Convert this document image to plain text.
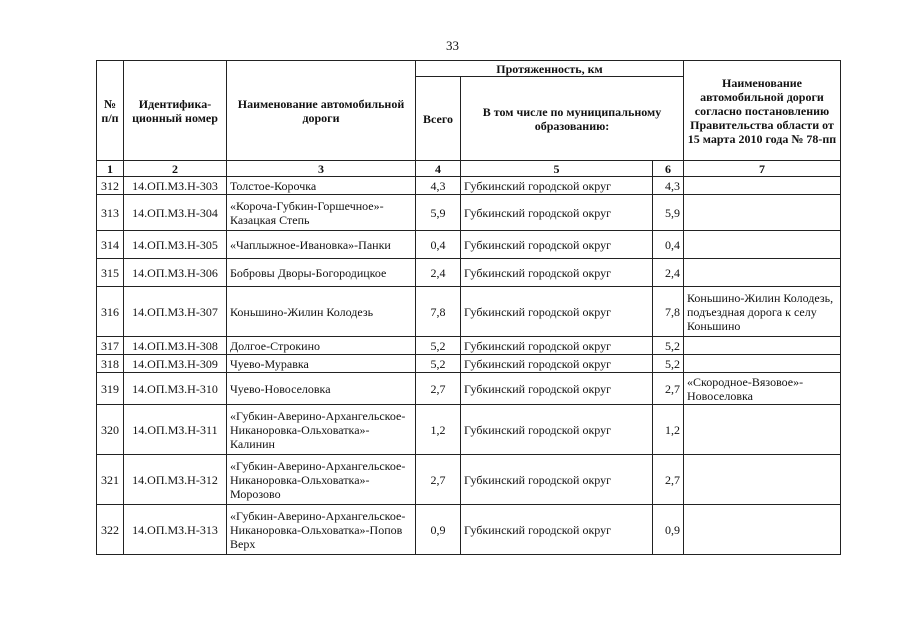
33
№ п/п	Идентифика- ционный номер	Наименование автомобильной дороги	Протяженность, км			Наименование автомобильной дороги согласно постановлению Правительства области от 15 марта 2010 года № 78-пп
			Всего	В том числе по муниципальному образованию:		
1	2	3	4	5	6	7
312	14.ОП.МЗ.Н-303	Толстое-Корочка	4,3	Губкинский городской округ	4,3	
313	14.ОП.МЗ.Н-304	«Короча-Губкин-Горшечное»-Казацкая Степь	5,9	Губкинский городской округ	5,9	
314	14.ОП.МЗ.Н-305	«Чаплыжное-Ивановка»-Панки	0,4	Губкинский городской округ	0,4	
315	14.ОП.МЗ.Н-306	Бобровы Дворы-Богородицкое	2,4	Губкинский городской округ	2,4	
316	14.ОП.МЗ.Н-307	Коньшино-Жилин Колодезь	7,8	Губкинский городской округ	7,8	Коньшино-Жилин Колодезь, подъездная дорога к селу Коньшино
317	14.ОП.МЗ.Н-308	Долгое-Строкино	5,2	Губкинский городской округ	5,2	
318	14.ОП.МЗ.Н-309	Чуево-Муравка	5,2	Губкинский городской округ	5,2	
319	14.ОП.МЗ.Н-310	Чуево-Новоселовка	2,7	Губкинский городской округ	2,7	«Скородное-Вязовое»-Новоселовка
320	14.ОП.МЗ.Н-311	«Губкин-Аверино-Архангельское-Никаноровка-Ольховатка»-Калинин	1,2	Губкинский городской округ	1,2	
321	14.ОП.МЗ.Н-312	«Губкин-Аверино-Архангельское-Никаноровка-Ольховатка»-Морозово	2,7	Губкинский городской округ	2,7	
322	14.ОП.МЗ.Н-313	«Губкин-Аверино-Архангельское-Никаноровка-Ольховатка»-Попов Верх	0,9	Губкинский городской округ	0,9	
